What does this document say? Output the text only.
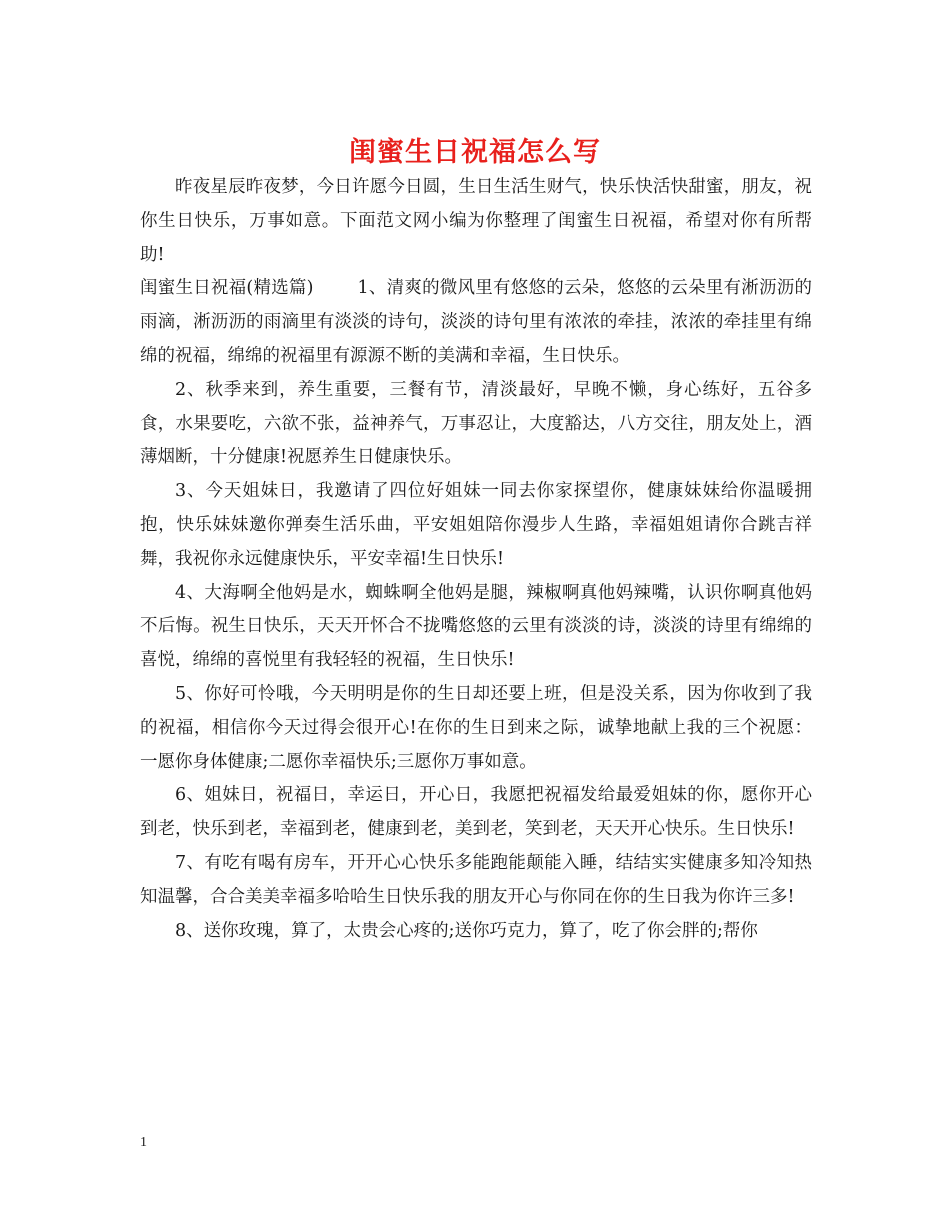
闺蜜生日祝福怎么写

昨夜星辰昨夜梦，今日许愿今日圆，生日生活生财气，快乐快活快甜蜜，朋友，祝你生日快乐，万事如意。下面范文网小编为你整理了闺蜜生日祝福，希望对你有所帮助!

闺蜜生日祝福(精选篇)	1、清爽的微风里有悠悠的云朵，悠悠的云朵里有淅沥沥的雨滴，淅沥沥的雨滴里有淡淡的诗句，淡淡的诗句里有浓浓的牵挂，浓浓的牵挂里有绵绵的祝福，绵绵的祝福里有源源不断的美满和幸福，生日快乐。

2、秋季来到，养生重要，三餐有节，清淡最好，早晚不懒，身心练好，五谷多食，水果要吃，六欲不张，益神养气，万事忍让，大度豁达，八方交往，朋友处上，酒薄烟断，十分健康!祝愿养生日健康快乐。

3、今天姐妹日，我邀请了四位好姐妹一同去你家探望你，健康妹妹给你温暖拥抱，快乐妹妹邀你弹奏生活乐曲，平安姐姐陪你漫步人生路，幸福姐姐请你合跳吉祥舞，我祝你永远健康快乐，平安幸福!生日快乐!

4、大海啊全他妈是水，蜘蛛啊全他妈是腿，辣椒啊真他妈辣嘴，认识你啊真他妈不后悔。祝生日快乐，天天开怀合不拢嘴悠悠的云里有淡淡的诗，淡淡的诗里有绵绵的喜悦，绵绵的喜悦里有我轻轻的祝福，生日快乐!

5、你好可怜哦，今天明明是你的生日却还要上班，但是没关系，因为你收到了我的祝福，相信你今天过得会很开心!在你的生日到来之际，诚挚地献上我的三个祝愿：一愿你身体健康;二愿你幸福快乐;三愿你万事如意。

6、姐妹日，祝福日，幸运日，开心日，我愿把祝福发给最爱姐妹的你，愿你开心到老，快乐到老，幸福到老，健康到老，美到老，笑到老，天天开心快乐。生日快乐!

7、有吃有喝有房车，开开心心快乐多能跑能颠能入睡，结结实实健康多知冷知热知温馨，合合美美幸福多哈哈生日快乐我的朋友开心与你同在你的生日我为你许三多!

8、送你玫瑰，算了，太贵会心疼的;送你巧克力，算了，吃了你会胖的;帮你

1
